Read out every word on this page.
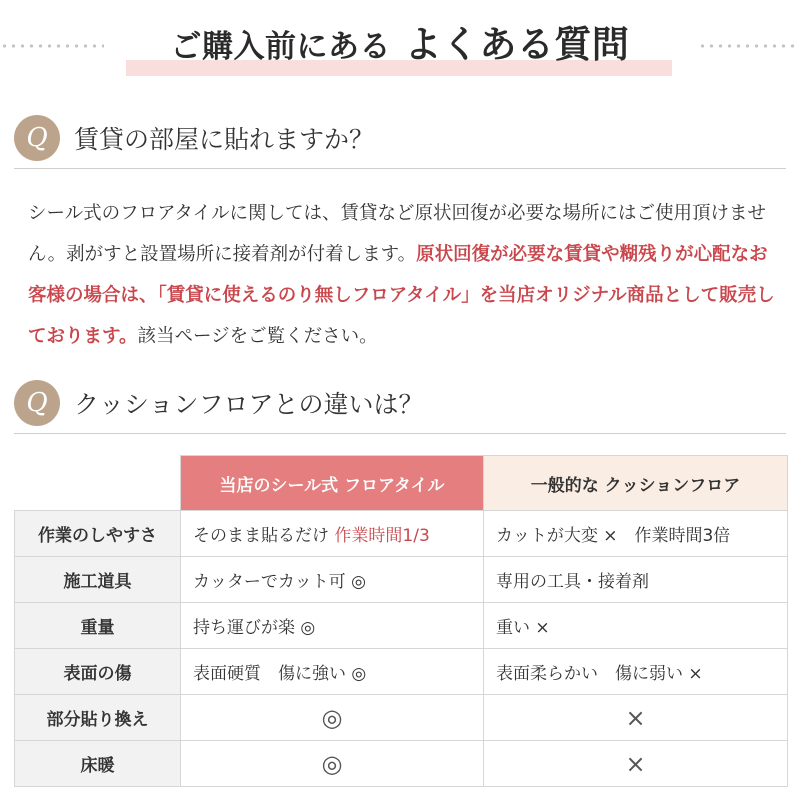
ご購入前にある よくある質問
Q	賃貸の部屋に貼れますか？
シール式のフロアタイルに関しては、賃貸など原状回復が必要な場所にはご使用頂けません。剥がすと設置場所に接着剤が付着します。原状回復が必要な賃貸や糊残りが心配なお客様の場合は、「賃貸に使えるのり無しフロアタイル」を当店オリジナル商品として販売しております。該当ページをご覧ください。
Q	クッションフロアとの違いは？
	当店のシール式 フロアタイル	一般的な クッションフロア
作業のしやすさ	そのまま貼るだけ 作業時間1/3	カットが大変 ×　作業時間3倍
施工道具	カッターでカット可 ◎	専用の工具・接着剤
重量	持ち運びが楽 ◎	重い ×
表面の傷	表面硬質　傷に強い ◎	表面柔らかい　傷に弱い ×
部分貼り換え	◎	×
床暖	◎	×
